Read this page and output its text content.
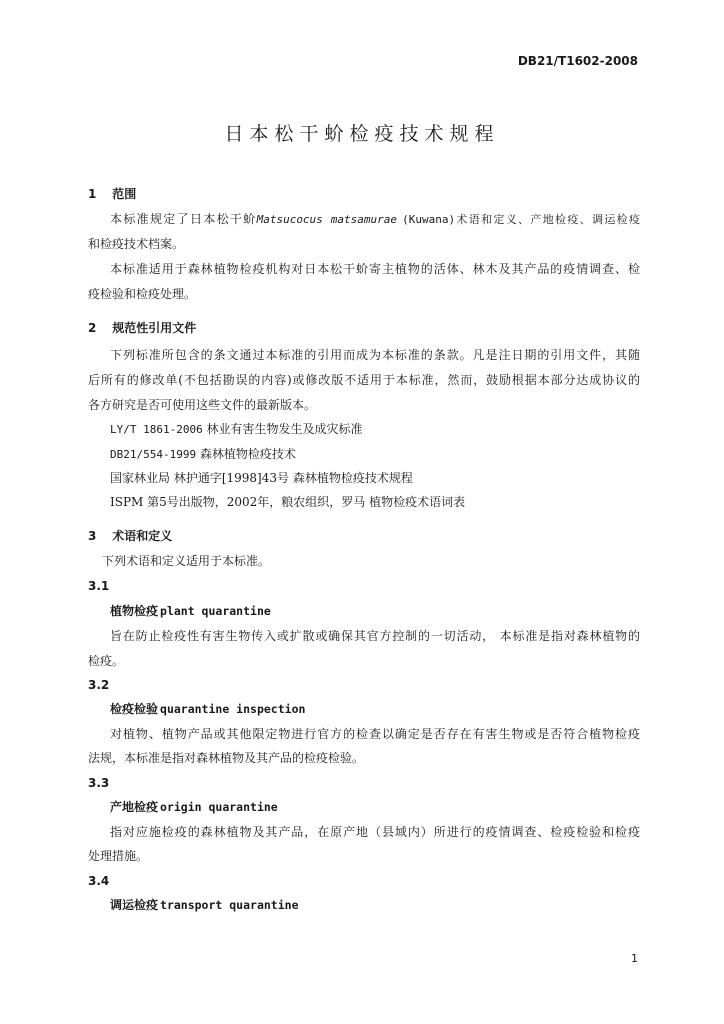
DB21/T1602-2008
日本松干蚧检疫技术规程
1 范围
本标准规定了日本松干蚧Matsucocus matsamurae (Kuwana)术语和定义、产地检疫、调运检疫
和检疫技术档案。
本标准适用于森林植物检疫机构对日本松干蚧寄主植物的活体、林木及其产品的疫情调查、检
疫检验和检疫处理。
2 规范性引用文件
下列标准所包含的条文通过本标准的引用而成为本标准的条款。凡是注日期的引用文件，其随
后所有的修改单(不包括勘误的内容)或修改版不适用于本标准，然而，鼓励根据本部分达成协议的
各方研究是否可使用这些文件的最新版本。
LY/T 1861-2006 林业有害生物发生及成灾标准
DB21/554-1999 森林植物检疫技术
国家林业局 林护通字[1998]43号 森林植物检疫技术规程
ISPM 第5号出版物，2002年，粮农组织，罗马 植物检疫术语词表
3 术语和定义
下列术语和定义适用于本标准。
3.1
植物检疫 plant quarantine
旨在防止检疫性有害生物传入或扩散或确保其官方控制的一切活动， 本标准是指对森林植物的
检疫。
3.2
检疫检验 quarantine inspection
对植物、植物产品或其他限定物进行官方的检查以确定是否存在有害生物或是否符合植物检疫
法规，本标准是指对森林植物及其产品的检疫检验。
3.3
产地检疫 origin quarantine
指对应施检疫的森林植物及其产品，在原产地（县域内）所进行的疫情调查、检疫检验和检疫
处理措施。
3.4
调运检疫 transport quarantine
1
